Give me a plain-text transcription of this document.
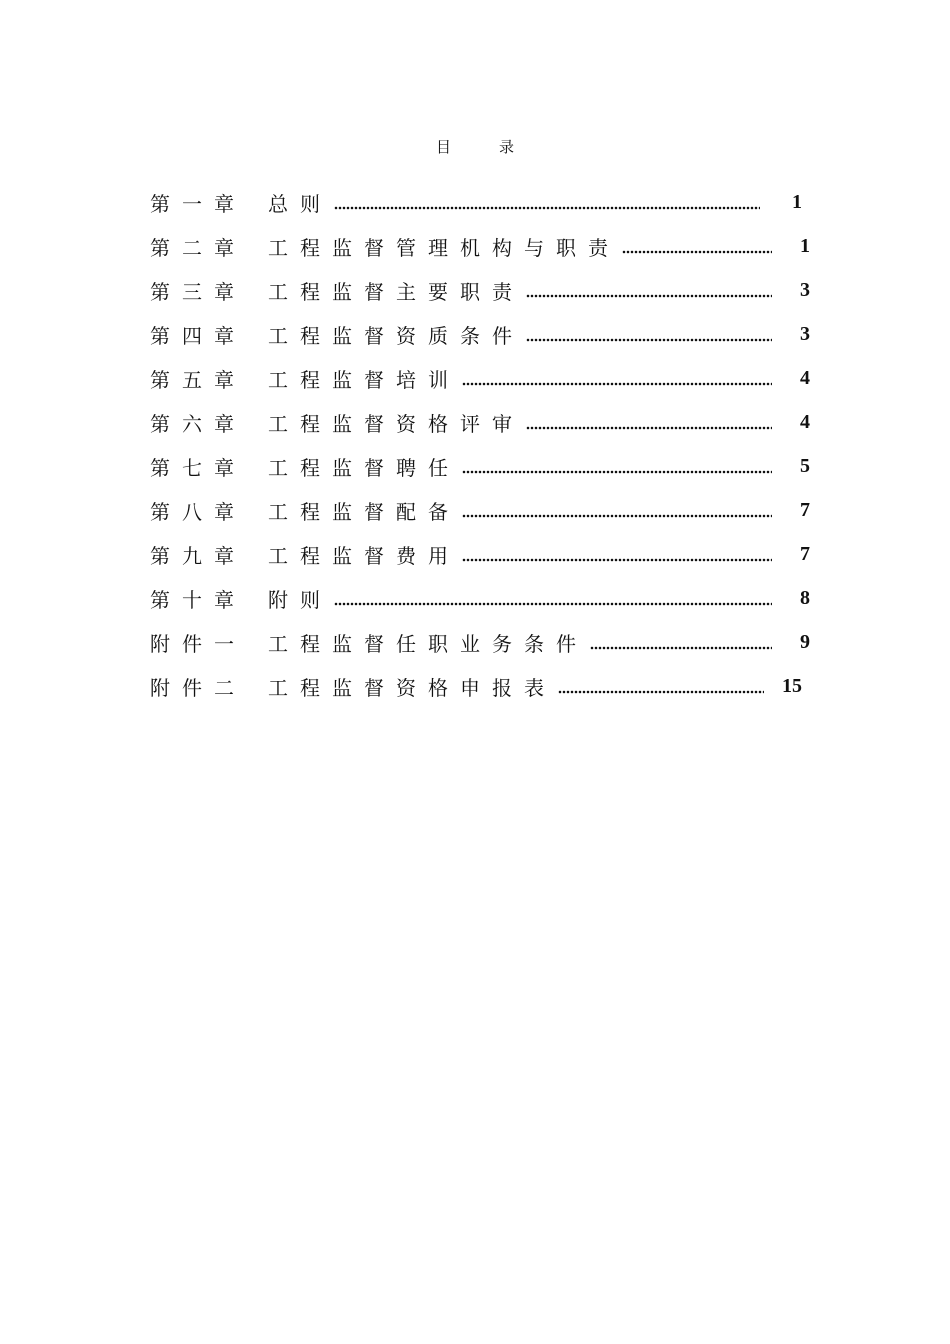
目录
第一章	总则	1
第二章	工程监督管理机构与职责	1
第三章	工程监督主要职责	3
第四章	工程监督资质条件	3
第五章	工程监督培训	4
第六章	工程监督资格评审	4
第七章	工程监督聘任	5
第八章	工程监督配备	7
第九章	工程监督费用	7
第十章	附则	8
附件一	工程监督任职业务条件	9
附件二	工程监督资格申报表	15
